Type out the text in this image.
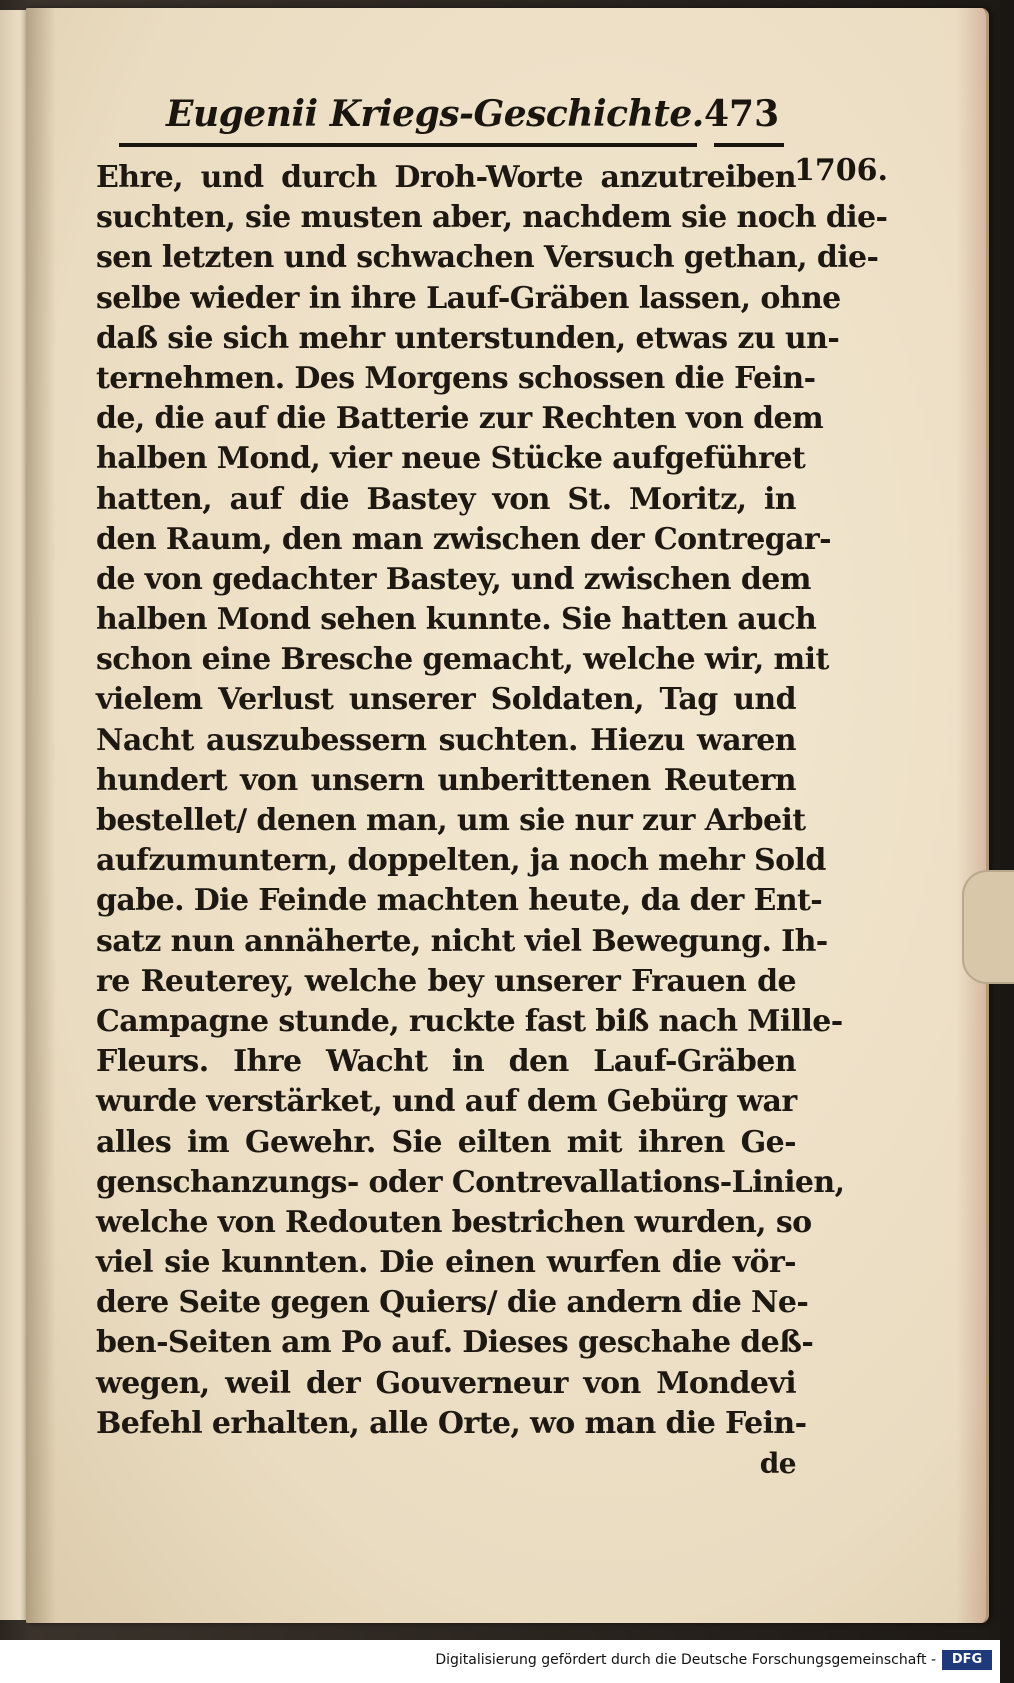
Eugenii Kriegs-Geschichte. 473
1706.
Ehre, und durch Droh-Worte anzutreiben
suchten, sie musten aber, nachdem sie noch die-
sen letzten und schwachen Versuch gethan, die-
selbe wieder in ihre Lauf-Gräben lassen, ohne
daß sie sich mehr unterstunden, etwas zu un-
ternehmen. Des Morgens schossen die Fein-
de, die auf die Batterie zur Rechten von dem
halben Mond, vier neue Stücke aufgeführet
hatten, auf die Bastey von St. Moritz, in
den Raum, den man zwischen der Contregar-
de von gedachter Bastey, und zwischen dem
halben Mond sehen kunnte. Sie hatten auch
schon eine Bresche gemacht, welche wir, mit
vielem Verlust unserer Soldaten, Tag und
Nacht auszubessern suchten. Hiezu waren
hundert von unsern unberittenen Reutern
bestellet/ denen man, um sie nur zur Arbeit
aufzumuntern, doppelten, ja noch mehr Sold
gabe. Die Feinde machten heute, da der Ent-
satz nun annäherte, nicht viel Bewegung. Ih-
re Reuterey, welche bey unserer Frauen de
Campagne stunde, ruckte fast biß nach Mille-
Fleurs. Ihre Wacht in den Lauf-Gräben
wurde verstärket, und auf dem Gebürg war
alles im Gewehr. Sie eilten mit ihren Ge-
genschanzungs- oder Contrevallations-Linien,
welche von Redouten bestrichen wurden, so
viel sie kunnten. Die einen wurfen die vör-
dere Seite gegen Quiers/ die andern die Ne-
ben-Seiten am Po auf. Dieses geschahe deß-
wegen, weil der Gouverneur von Mondevi
Befehl erhalten, alle Orte, wo man die Fein-
de
Digitalisierung gefördert durch die Deutsche Forschungsgemeinschaft -	DFG
